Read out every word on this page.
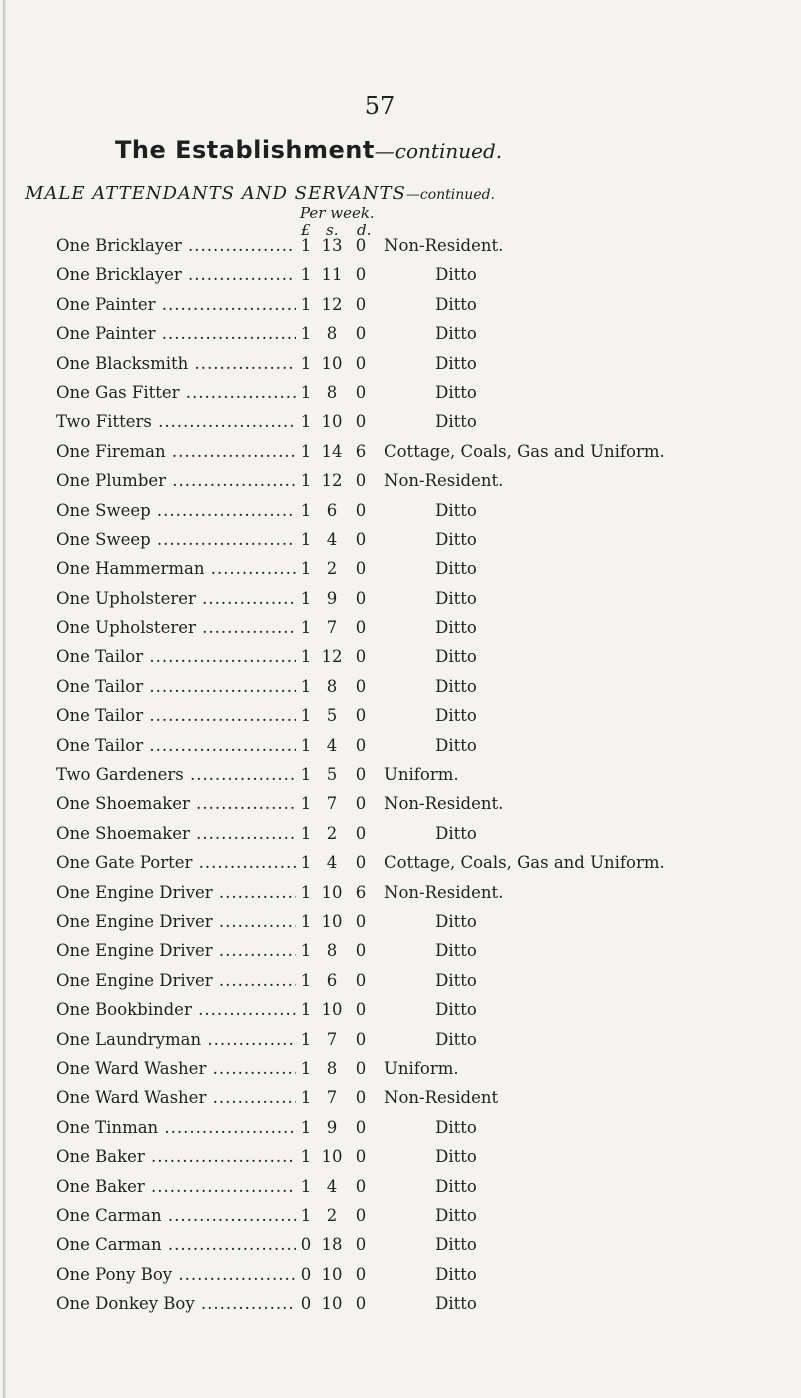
57
The Establishment—continued.
MALE ATTENDANTS AND SERVANTS—continued.
Per week.
£ s. d.
One Bricklayer .....	1 13 0 Non-Resident.
One Bricklayer .....	1 11 0	Ditto
One Painter .....	1 12 0	Ditto
One Painter .....	1 8	0	Ditto
One Blacksmith .....	1 10 0	Ditto
One Gas Fitter .....	1 8	0	Ditto
Two Fitters .....	1 10 0	Ditto
One Fireman .....	1 14 6 Cottage, Coals, Gas and Uniform.
One Plumber .....	1 12 0 Non-Resident.
One Sweep .....	1 6	0	Ditto
One Sweep .....	1 4	0	Ditto
One Hammerman .....	1 2	0	Ditto
One Upholsterer .....	1 9	0	Ditto
One Upholsterer .....	1 7	0	Ditto
One Tailor .....	1 12 0	Ditto
One Tailor .....	1 8	0	Ditto
One Tailor .....	1 5	0	Ditto
One Tailor .....	1 4	0	Ditto
Two Gardeners .....	1 5	0 Uniform.
One Shoemaker .....	1 7	0 Non-Resident.
One Shoemaker .....	1 2	0	Ditto
One Gate Porter .....	1 4	0 Cottage, Coals, Gas and Uniform.
One Engine Driver .....	1 10 6 Non-Resident.
One Engine Driver .....	1 10 0	Ditto
One Engine Driver .....	1 8	0	Ditto
One Engine Driver .....	1 6	0	Ditto
One Bookbinder .....	1 10 0	Ditto
One Laundryman .....	1 7	0	Ditto
One Ward Washer .....	1 8	0 Uniform.
One Ward Washer .....	1 7	0 Non-Resident
One Tinman .....	1 9	0	Ditto
One Baker .....	1 10 0	Ditto
One Baker .....	1 4	0	Ditto
One Carman .....	1 2	0	Ditto
One Carman .....	0 18 0	Ditto
One Pony Boy .....	0 10 0	Ditto
One Donkey Boy .....	0 10 0	Ditto
